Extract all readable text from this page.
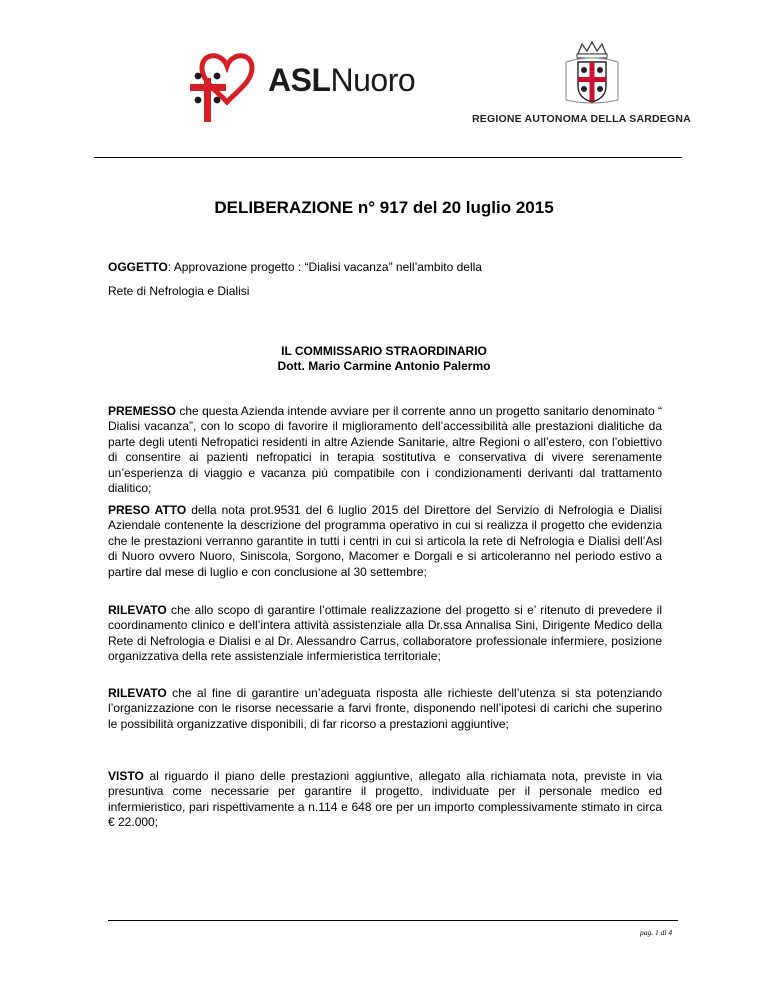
ASLNuoro
REGIONE AUTONOMA DELLA SARDEGNA
DELIBERAZIONE n° 917 del 20 luglio 2015
OGGETTO: Approvazione progetto : “Dialisi vacanza” nell’ambito della
Rete di Nefrologia e Dialisi
IL COMMISSARIO STRAORDINARIO
Dott. Mario Carmine Antonio Palermo
PREMESSO che questa Azienda intende avviare per il corrente anno un progetto sanitario denominato “ Dialisi vacanza”, con lo scopo di favorire il miglioramento dell’accessibilità alle prestazioni dialitiche da parte degli utenti Nefropatici residenti in altre Aziende Sanitarie, altre Regioni o all’estero, con l’obiettivo di consentire ai pazienti nefropatici in terapia sostitutiva e conservativa di vivere serenamente un’esperienza di viaggio e vacanza più compatibile con i condizionamenti derivanti dal trattamento dialitico;
PRESO ATTO della nota prot.9531 del 6 luglio 2015 del Direttore del Servizio di Nefrologia e Dialisi Aziendale contenente la descrizione del programma operativo in cui si realizza il progetto che evidenzia che le prestazioni verranno garantite in tutti i centri in cui si articola la rete di Nefrologia e Dialisi dell’Asl di Nuoro ovvero Nuoro, Siniscola, Sorgono, Macomer e Dorgali e si articoleranno nel periodo estivo a partire dal mese di luglio e con conclusione al 30 settembre;
RILEVATO che allo scopo di garantire l’ottimale realizzazione del progetto si e’ ritenuto di prevedere il coordinamento clinico e dell’intera attività assistenziale alla Dr.ssa Annalisa Sini, Dirigente Medico della Rete di Nefrologia e Dialisi e al Dr. Alessandro Carrus, collaboratore professionale infermiere, posizione organizzativa della rete assistenziale infermieristica territoriale;
RILEVATO che al fine di garantire un’adeguata risposta alle richieste dell’utenza si sta potenziando l’organizzazione con le risorse necessarie a farvi fronte, disponendo nell’ipotesi di carichi che superino le possibilità organizzative disponibili, di far ricorso a prestazioni aggiuntive;
VISTO al riguardo il piano delle prestazioni aggiuntive, allegato alla richiamata nota, previste in via presuntiva come necessarie per garantire il progetto, individuate per il personale medico ed infermieristico, pari rispettivamente a n.114 e 648 ore per un importo complessivamente stimato in circa € 22.000;
pag. 1 di 4
